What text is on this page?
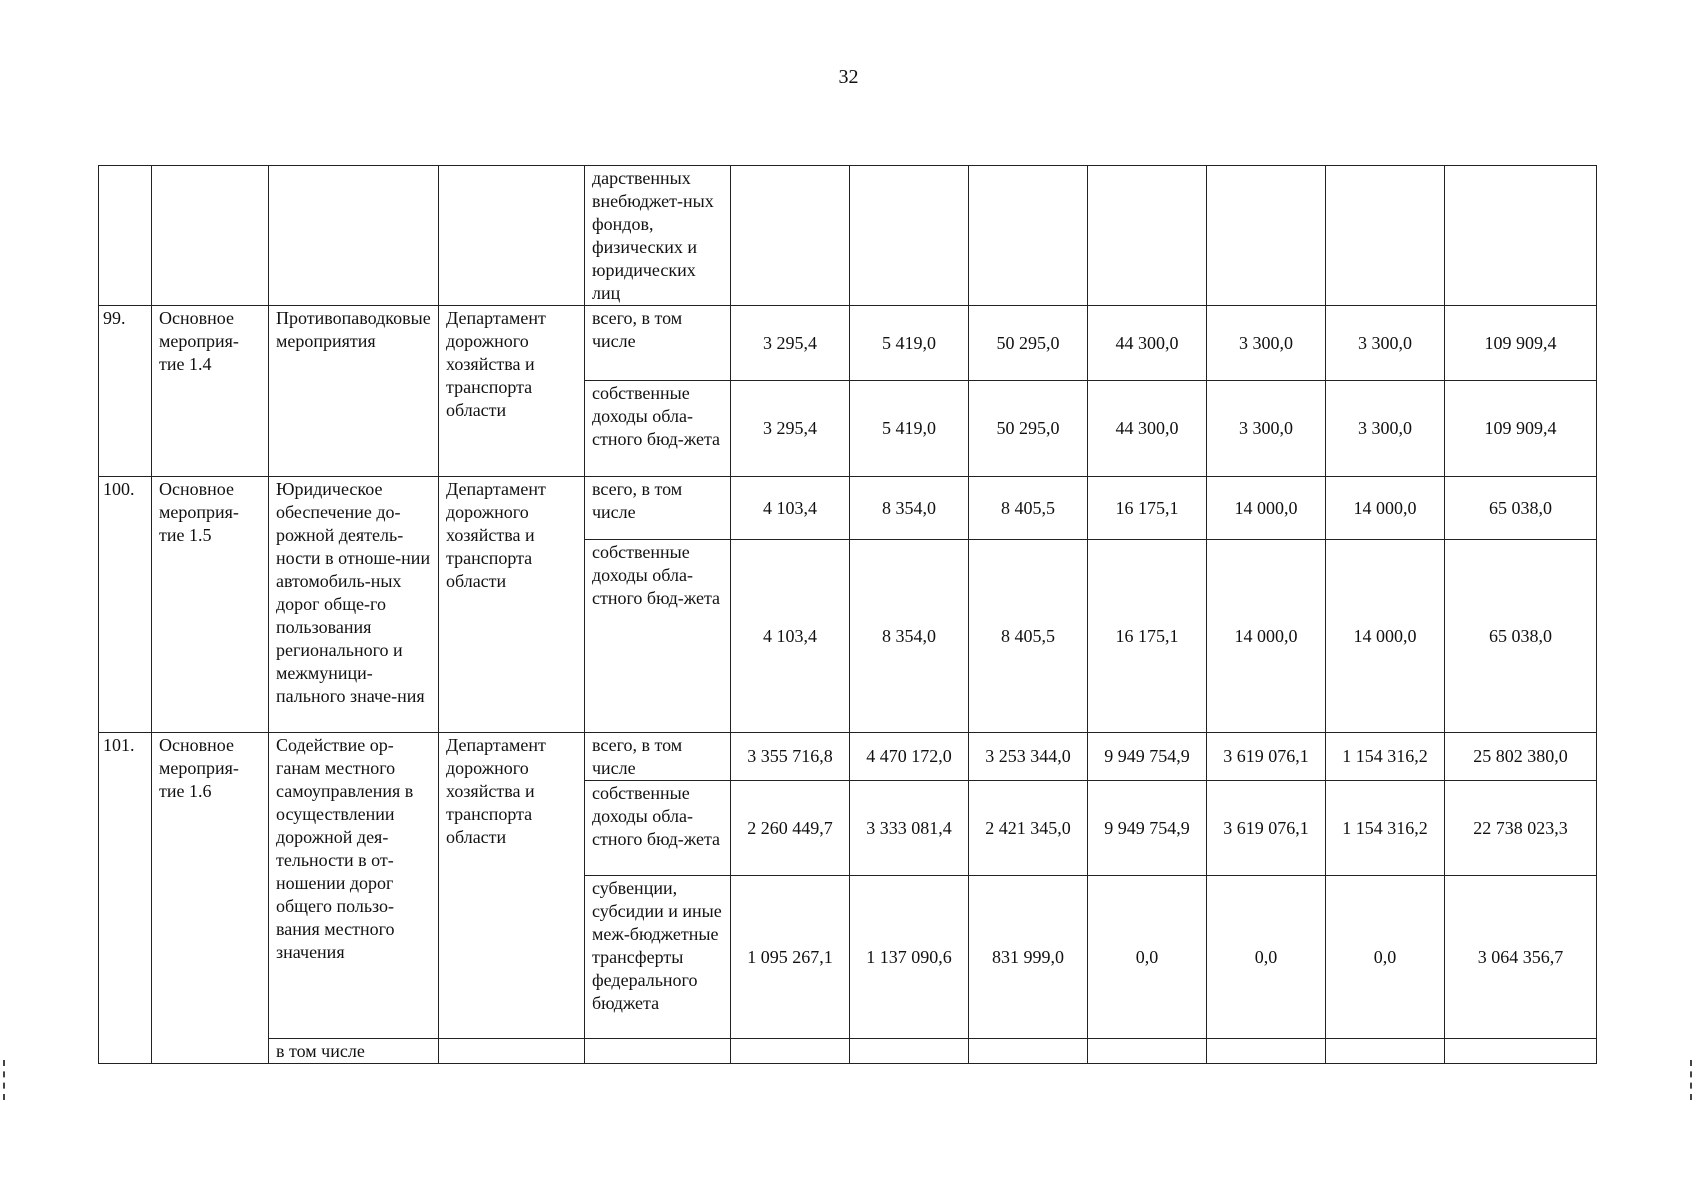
32
				дарственных внебюджет-ных фондов, физических и юридических лиц							
99.	Основное мероприя-тие 1.4	Противопаводковые мероприятия	Департамент дорожного хозяйства и транспорта области	всего, в том числе	3 295,4	5 419,0	50 295,0	44 300,0	3 300,0	3 300,0	109 909,4
				собственные доходы обла-стного бюд-жета	3 295,4	5 419,0	50 295,0	44 300,0	3 300,0	3 300,0	109 909,4
100.	Основное мероприя-тие 1.5	Юридическое обеспечение до-рожной деятель-ности в отноше-нии автомобиль-ных дорог обще-го пользования регионального и межмуници-пального значе-ния	Департамент дорожного хозяйства и транспорта области	всего, в том числе	4 103,4	8 354,0	8 405,5	16 175,1	14 000,0	14 000,0	65 038,0
				собственные доходы обла-стного бюд-жета	4 103,4	8 354,0	8 405,5	16 175,1	14 000,0	14 000,0	65 038,0
101.	Основное мероприя-тие 1.6	Содействие ор-ганам местного самоуправления в осуществлении дорожной дея-тельности в от-ношении дорог общего пользо-вания местного значения	Департамент дорожного хозяйства и транспорта области	всего, в том числе	3 355 716,8	4 470 172,0	3 253 344,0	9 949 754,9	3 619 076,1	1 154 316,2	25 802 380,0
				собственные доходы обла-стного бюд-жета	2 260 449,7	3 333 081,4	2 421 345,0	9 949 754,9	3 619 076,1	1 154 316,2	22 738 023,3
				субвенции, субсидии и иные меж-бюджетные трансферты федерального бюджета	1 095 267,1	1 137 090,6	831 999,0	0,0	0,0	0,0	3 064 356,7
		в том числе									
